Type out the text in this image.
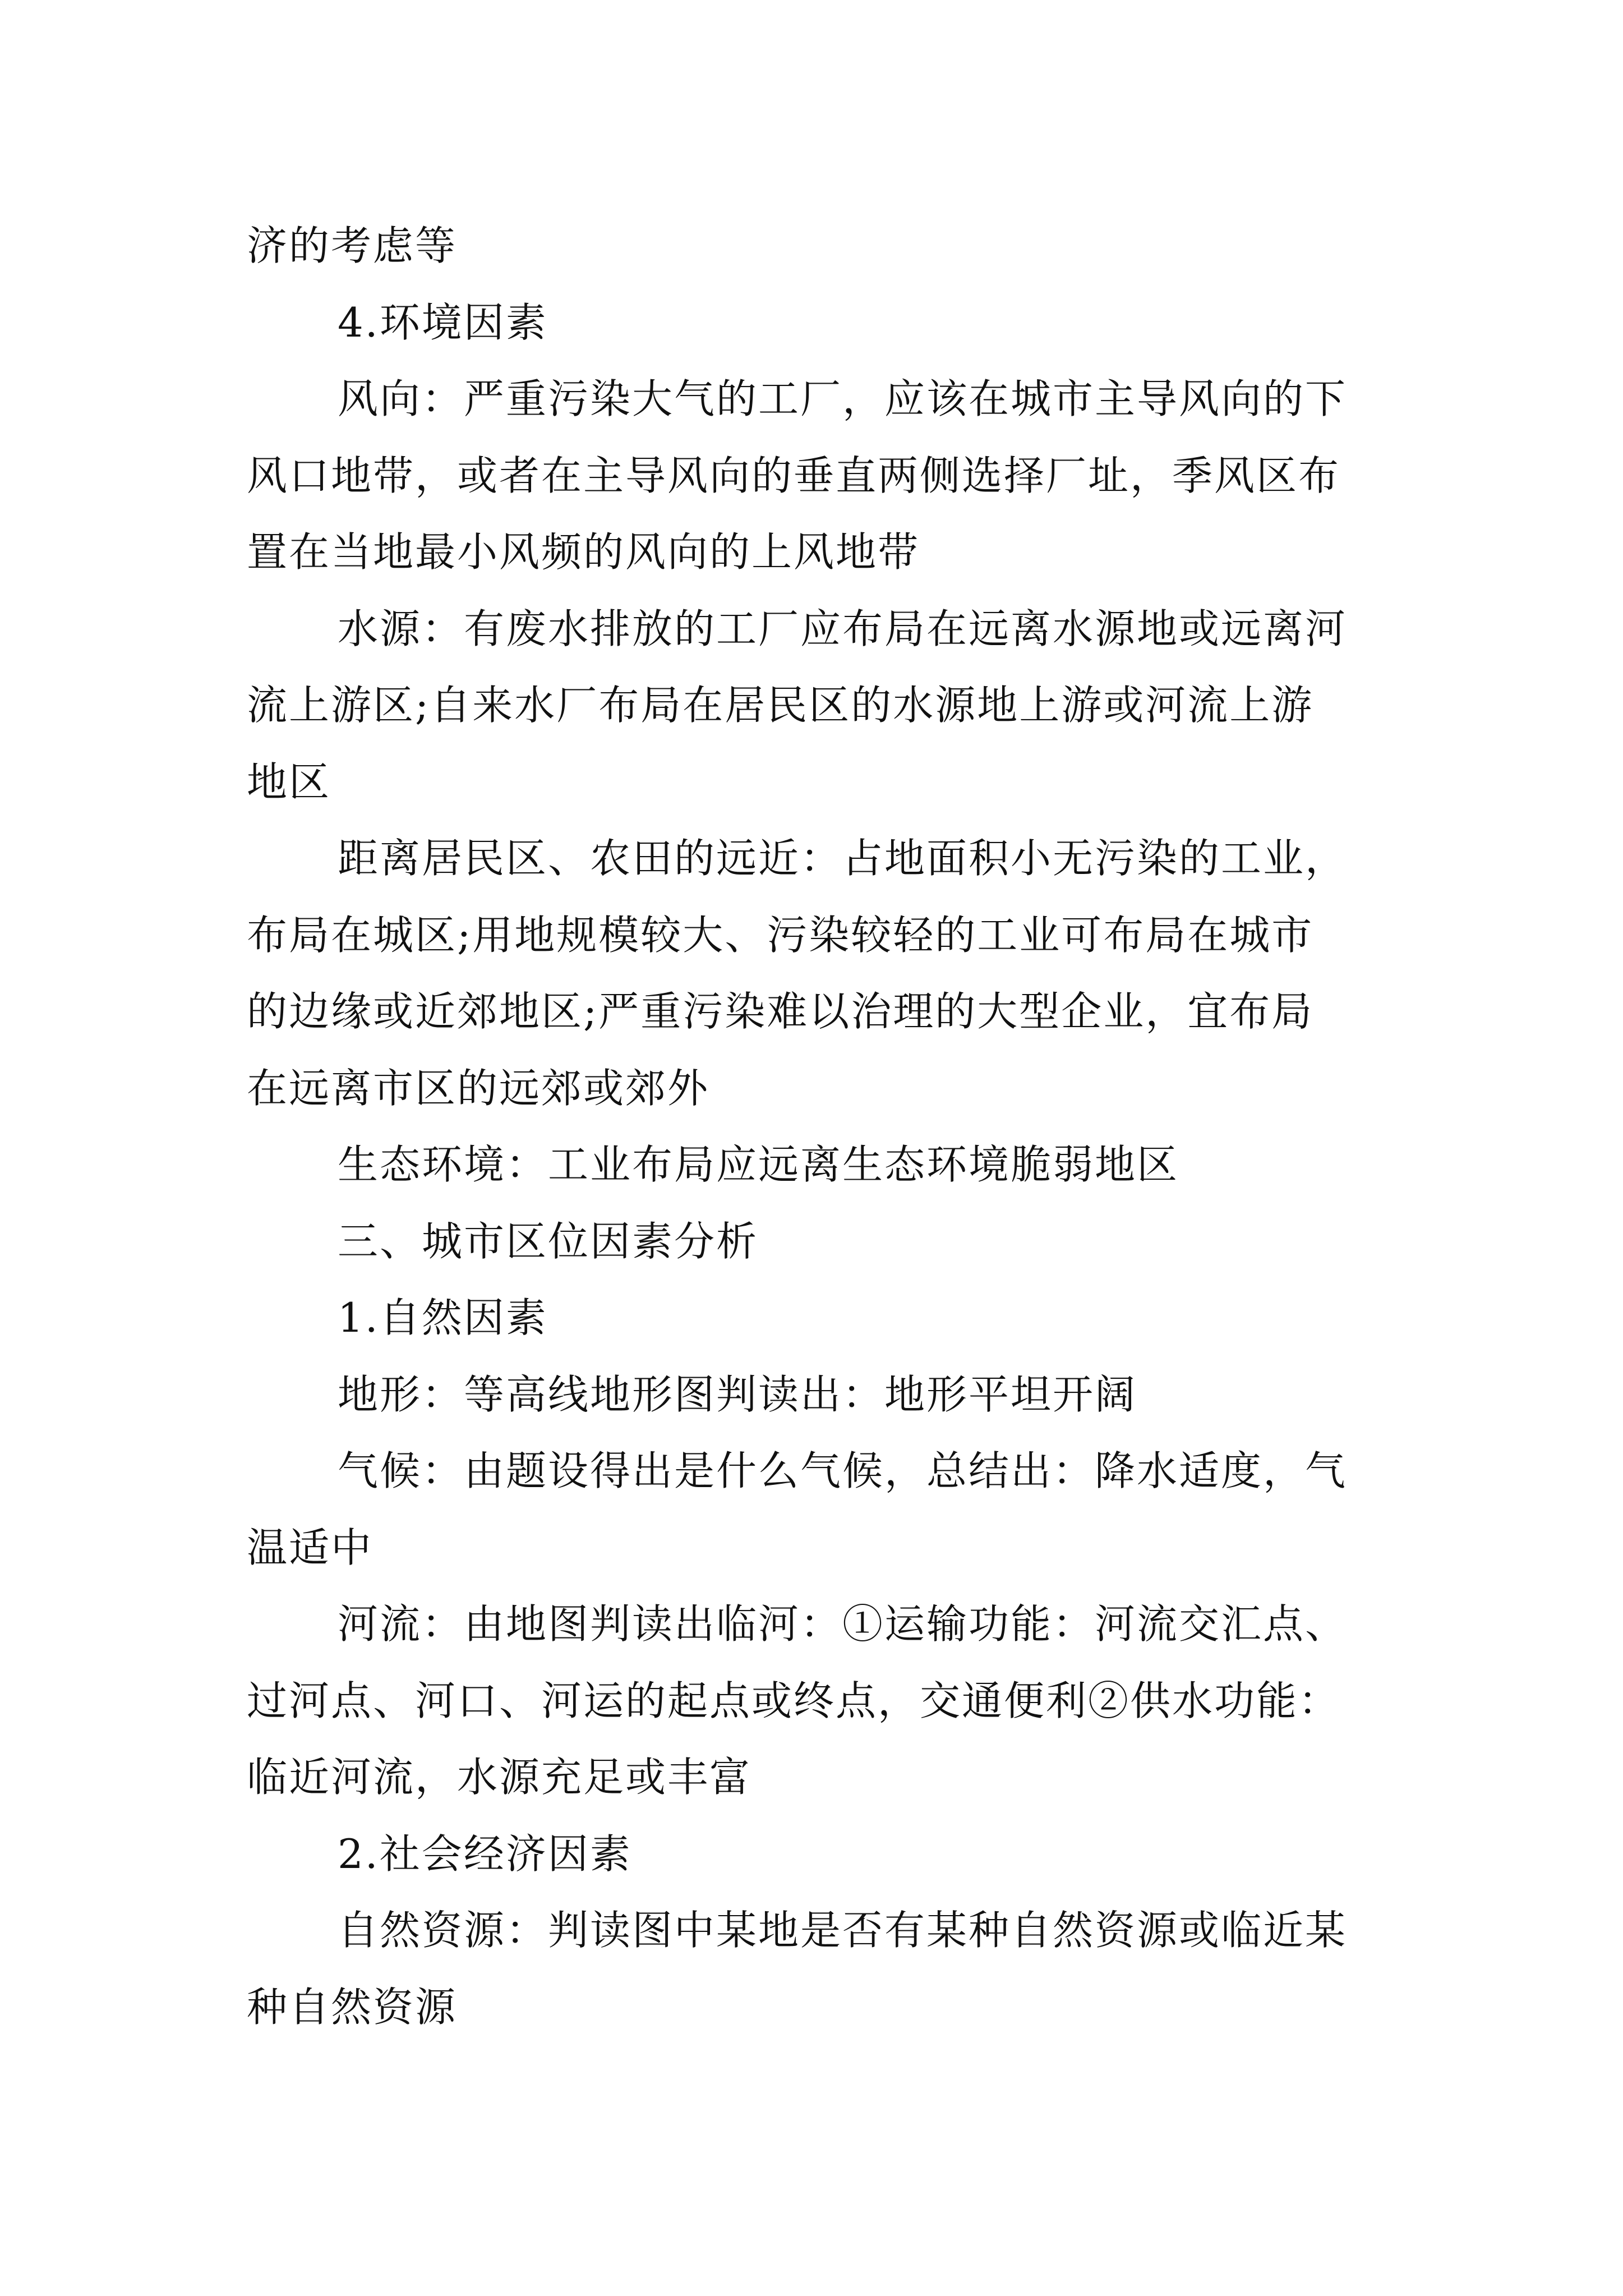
济的考虑等
4.环境因素
风向：严重污染大气的工厂，应该在城市主导风向的下
风口地带，或者在主导风向的垂直两侧选择厂址，季风区布
置在当地最小风频的风向的上风地带
水源：有废水排放的工厂应布局在远离水源地或远离河
流上游区;自来水厂布局在居民区的水源地上游或河流上游
地区
距离居民区、农田的远近：占地面积小无污染的工业，
布局在城区;用地规模较大、污染较轻的工业可布局在城市
的边缘或近郊地区;严重污染难以治理的大型企业，宜布局
在远离市区的远郊或郊外
生态环境：工业布局应远离生态环境脆弱地区
三、城市区位因素分析
1.自然因素
地形：等高线地形图判读出：地形平坦开阔
气候：由题设得出是什么气候，总结出：降水适度，气
温适中
河流：由地图判读出临河：①运输功能：河流交汇点、
过河点、河口、河运的起点或终点，交通便利②供水功能：
临近河流，水源充足或丰富
2.社会经济因素
自然资源：判读图中某地是否有某种自然资源或临近某
种自然资源
